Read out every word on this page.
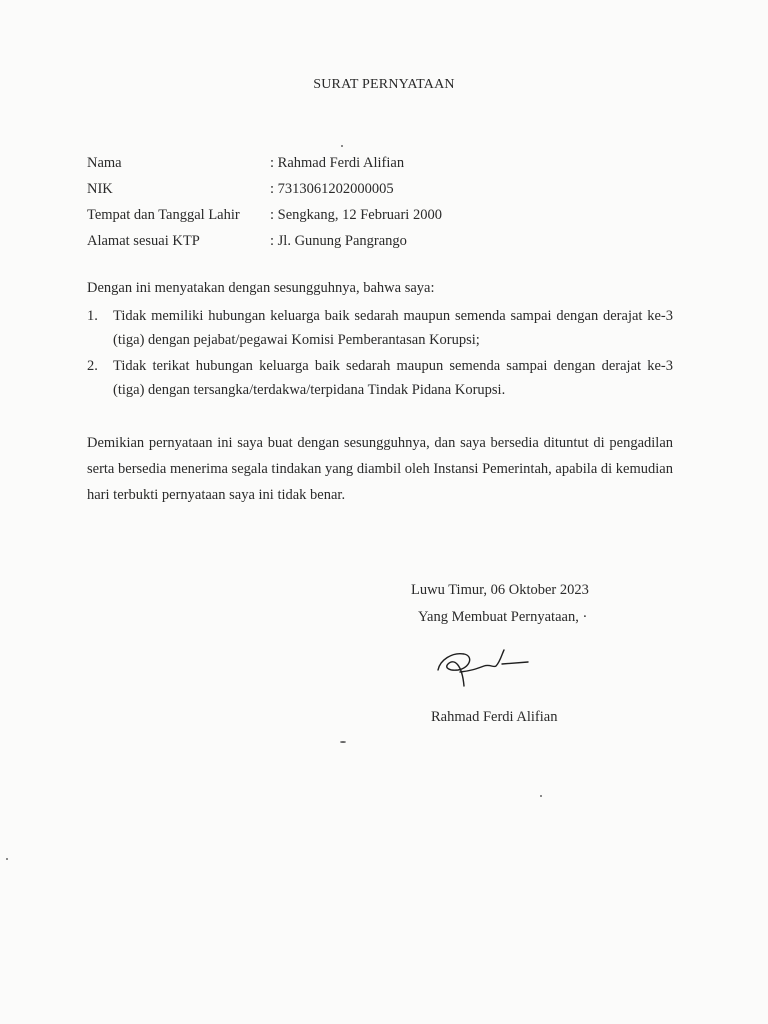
SURAT PERNYATAAN
Nama	: Rahmad Ferdi Alifian
NIK	: 7313061202000005
Tempat dan Tanggal Lahir	: Sengkang, 12 Februari 2000
Alamat sesuai KTP	: Jl. Gunung Pangrango
Dengan ini menyatakan dengan sesungguhnya, bahwa saya:
1.	Tidak memiliki hubungan keluarga baik sedarah maupun semenda sampai dengan derajat ke-3 (tiga) dengan pejabat/pegawai Komisi Pemberantasan Korupsi;
2.	Tidak terikat hubungan keluarga baik sedarah maupun semenda sampai dengan derajat ke-3 (tiga) dengan tersangka/terdakwa/terpidana Tindak Pidana Korupsi.
Demikian pernyataan ini saya buat dengan sesungguhnya, dan saya bersedia dituntut di pengadilan serta bersedia menerima segala tindakan yang diambil oleh Instansi Pemerintah, apabila di kemudian hari terbukti pernyataan saya ini tidak benar.
Luwu Timur, 06 Oktober 2023
Yang Membuat Pernyataan, ·
Rahmad Ferdi Alifian
